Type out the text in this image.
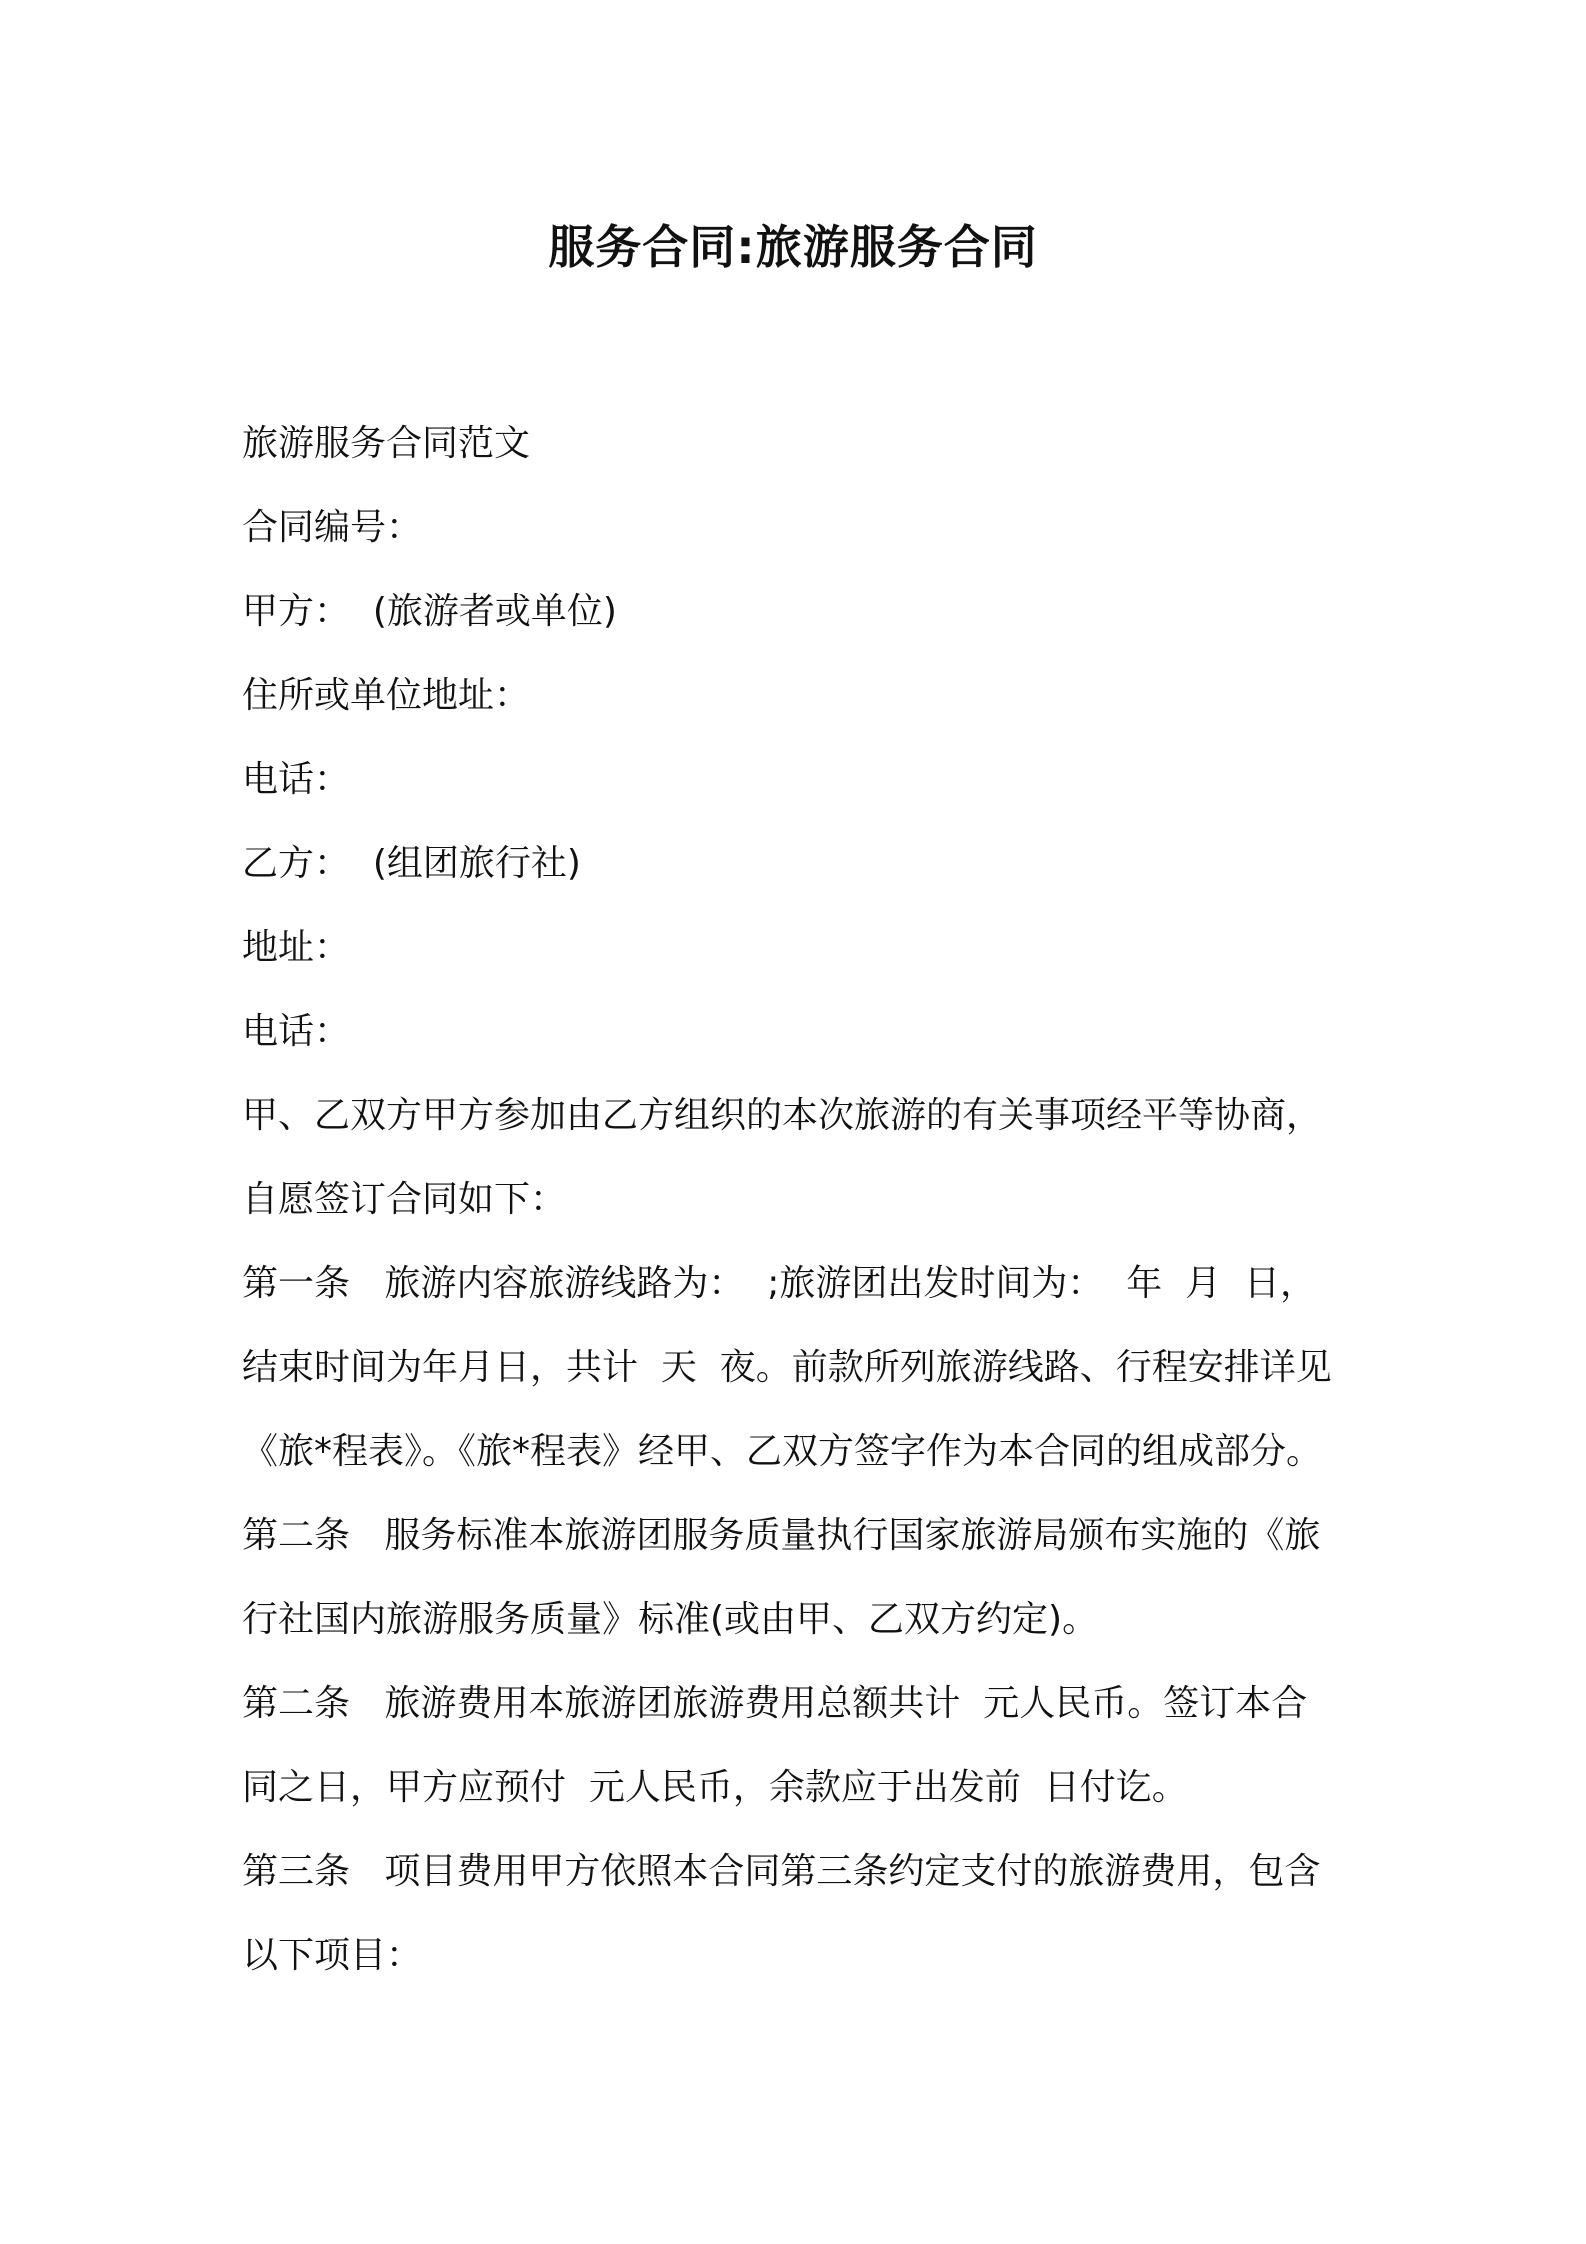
服务合同:旅游服务合同
旅游服务合同范文
合同编号：
甲方：  (旅游者或单位)
住所或单位地址：
电话：
乙方：  (组团旅行社)
地址：
电话：
甲、乙双方甲方参加由乙方组织的本次旅游的有关事项经平等协商，
自愿签订合同如下：
第一条   旅游内容旅游线路为：  ;旅游团出发时间为：  年  月  日，
结束时间为年月日，共计  天  夜。前款所列旅游线路、行程安排详见
《旅*程表》。《旅*程表》经甲、乙双方签字作为本合同的组成部分。
第二条   服务标准本旅游团服务质量执行国家旅游局颁布实施的《旅
行社国内旅游服务质量》标准(或由甲、乙双方约定)。
第二条   旅游费用本旅游团旅游费用总额共计  元人民币。签订本合
同之日，甲方应预付  元人民币，余款应于出发前  日付讫。
第三条   项目费用甲方依照本合同第三条约定支付的旅游费用，包含
以下项目：
